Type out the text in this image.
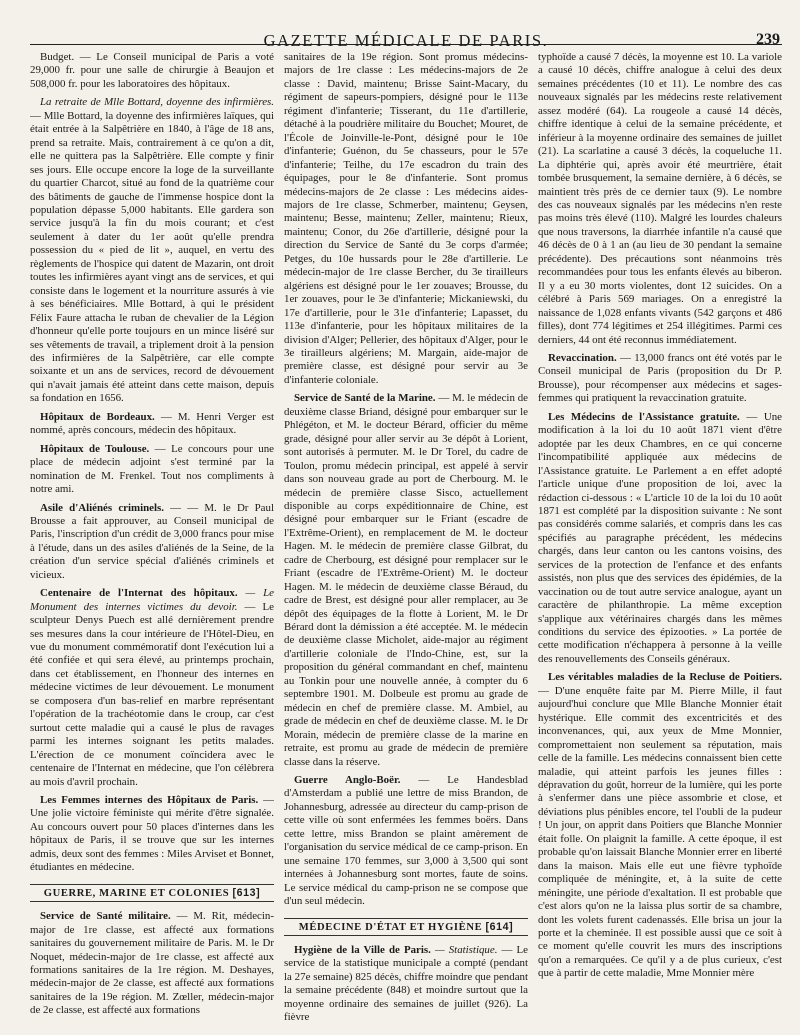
GAZETTE MÉDICALE DE PARIS.	239

Budget. — Le Conseil municipal de Paris a voté 29,000 fr. pour une salle de chirurgie à Beaujon et 508,000 fr. pour les laboratoires des hôpitaux.

La retraite de Mlle Bottard, doyenne des infirmières. — Mlle Bottard, la doyenne des infirmières laïques, qui était entrée à la Salpêtrière en 1840, à l'âge de 18 ans, prend sa retraite. Mais, contrairement à ce qu'on a dit, elle ne quittera pas la Salpêtrière. Elle compte y finir ses jours. Elle occupe encore la loge de la surveillante du quartier Charcot, situé au fond de la quatrième cour des bâtiments de gauche de l'immense hospice dont la population dépasse 5,000 habitants. Elle gardera son service jusqu'à la fin du mois courant; et c'est seulement à dater du 1er août qu'elle prendra possession du « pied de lit », auquel, en vertu des règlements de l'hospice qui datent de Mazarin, ont droit toutes les infirmières ayant vingt ans de services, et qui consiste dans le logement et la nourriture assurés à vie à ses bénéficiaires. Mlle Bottard, à qui le président Félix Faure attacha le ruban de chevalier de la Légion d'honneur qu'elle porte toujours en un mince liséré sur ses vêtements de travail, a triplement droit à la pension des infirmières de la Salpêtrière, car elle compte soixante et un ans de services, record de dévouement qui n'avait jamais été atteint dans cette maison, depuis sa fondation en 1656.

Hôpitaux de Bordeaux. — M. Henri Verger est nommé, après concours, médecin des hôpitaux.

Hôpitaux de Toulouse. — Le concours pour une place de médecin adjoint s'est terminé par la nomination de M. Frenkel. Tout nos compliments à notre ami.

Asile d'Aliénés criminels. — — M. le Dr Paul Brousse a fait approuver, au Conseil municipal de Paris, l'inscription d'un crédit de 3,000 francs pour mise à l'étude, dans un des asiles d'aliénés de la Seine, de la création d'un service spécial d'aliénés criminels et vicieux.

Centenaire de l'Internat des hôpitaux. — Le Monument des internes victimes du devoir. — Le sculpteur Denys Puech est allé dernièrement prendre ses mesures dans la cour intérieure de l'Hôtel-Dieu, en vue du monument commémoratif dont l'exécution lui a été confiée et qui sera élevé, au printemps prochain, dans cet établissement, en l'honneur des internes en médecine victimes de leur dévouement. Le monument se composera d'un bas-relief en marbre représentant l'opération de la trachéotomie dans le croup, car c'est surtout cette maladie qui a causé le plus de ravages parmi les internes soignant les petits malades. L'érection de ce monument coïncidera avec le centenaire de l'Internat en médecine, que l'on célèbrera au mois d'avril prochain.

Les Femmes internes des Hôpitaux de Paris. — Une jolie victoire féministe qui mérite d'être signalée. Au concours ouvert pour 50 places d'internes dans les hôpitaux de Paris, il se trouve que sur les internes admis, deux sont des femmes : Miles Arviset et Bonnet, étudiantes en médecine.

GUERRE, MARINE ET COLONIES [613]

Service de Santé militaire. — M. Rit, médecin-major de 1re classe, est affecté aux formations sanitaires du gouvernement militaire de Paris. M. le Dr Noquet, médecin-major de 1re classe, est affecté aux formations sanitaires de la 1re région. M. Deshayes, médecin-major de 2e classe, est affecté aux formations sanitaires de la 19e région. M. Zœller, médecin-major de 2e classe, est affecté aux formations

sanitaires de la 19e région. Sont promus médecins-majors de 1re classe : Les médecins-majors de 2e classe : David, maintenu; Brisse Saint-Macary, du régiment de sapeurs-pompiers, désigné pour le 113e régiment d'infanterie; Tisserant, du 11e d'artillerie, détaché à la poudrière militaire du Bouchet; Mouret, de l'École de Joinville-le-Pont, désigné pour le 10e d'infanterie; Guénon, du 5e chasseurs, pour le 57e d'infanterie; Teilhe, du 17e escadron du train des équipages, pour le 8e d'infanterie. Sont promus médecins-majors de 2e classe : Les médecins aides-majors de 1re classe, Schmerber, maintenu; Geysen, maintenu; Besse, maintenu; Zeller, maintenu; Rieux, maintenu; Conor, du 26e d'artillerie, désigné pour la direction du Service de Santé du 3e corps d'armée; Petges, du 10e hussards pour le 28e d'artillerie. Le médecin-major de 1re classe Bercher, du 3e tirailleurs algériens est désigné pour le 1er zouaves; Brousse, du 1er zouaves, pour le 3e d'infanterie; Mickaniewski, du 17e d'artillerie, pour le 31e d'infanterie; Lapasset, du 113e d'infanterie, pour les hôpitaux militaires de la division d'Alger; Pellerier, des hôpitaux d'Alger, pour le 3e tirailleurs algériens; M. Margain, aide-major de première classe, est désigné pour servir au 3e d'infanterie coloniale.

Service de Santé de la Marine. — M. le médecin de deuxième classe Briand, désigné pour embarquer sur le Phlégéton, et M. le docteur Bérard, officier du même grade, désigné pour aller servir au 3e dépôt à Lorient, sont autorisés à permuter. M. le Dr Torel, du cadre de Toulon, promu médecin principal, est appelé à servir dans son nouveau grade au port de Cherbourg. M. le médecin de première classe Sisco, actuellement disponible au corps expéditionnaire de Chine, est désigné pour embarquer sur le Friant (escadre de l'Extrême-Orient), en remplacement de M. le docteur Hagen. M. le médecin de première classe Gilbrat, du cadre de Cherbourg, est désigné pour remplacer sur le Friant (escadre de l'Extrême-Orient) M. le docteur Hagen. M. le médecin de deuxième classe Béraud, du cadre de Brest, est désigné pour aller remplacer, au 3e dépôt des équipages de la flotte à Lorient, M. le Dr Bérard dont la démission a été acceptée. M. le médecin de deuxième classe Micholet, aide-major au régiment d'artillerie coloniale de l'Indo-Chine, est, sur la proposition du général commandant en chef, maintenu au Tonkin pour une nouvelle année, à compter du 6 septembre 1901. M. Dolbeule est promu au grade de médecin en chef de première classe. M. Ambiel, au grade de médecin en chef de deuxième classe. M. le Dr Morain, médecin de première classe de la marine en retraite, est promu au grade de médecin de première classe dans la réserve.

Guerre Anglo-Boër. — Le Handesblad d'Amsterdam a publié une lettre de miss Brandon, de Johannesburg, adressée au directeur du camp-prison de cette ville où sont enfermées les femmes boërs. Dans cette lettre, miss Brandon se plaint amèrement de l'organisation du service médical de ce camp-prison. En une semaine 170 femmes, sur 3,000 à 3,500 qui sont internées à Johannesburg sont mortes, faute de soins. Le service médical du camp-prison ne se compose que d'un seul médecin.

MÉDECINE D'ÉTAT ET HYGIÈNE [614]

Hygiène de la Ville de Paris. — Statistique. — Le service de la statistique municipale a compté (pendant la 27e semaine) 825 décès, chiffre moindre que pendant la semaine précédente (848) et moindre surtout que la moyenne ordinaire des semaines de juillet (926). La fièvre

typhoïde a causé 7 décès, la moyenne est 10. La variole a causé 10 décès, chiffre analogue à celui des deux semaines précédentes (10 et 11). Le nombre des cas nouveaux signalés par les médecins reste relativement assez modéré (64). La rougeole a causé 14 décès, chiffre identique à celui de la semaine précédente, et inférieur à la moyenne ordinaire des semaines de juillet (21). La scarlatine a causé 3 décès, la coqueluche 11. La diphtérie qui, après avoir été meurtrière, était tombée brusquement, la semaine dernière, à 6 décès, se maintient très près de ce dernier taux (9). Le nombre des cas nouveaux signalés par les médecins n'en reste pas moins très élevé (110). Malgré les lourdes chaleurs que nous traversons, la diarrhée infantile n'a causé que 46 décès de 0 à 1 an (au lieu de 30 pendant la semaine précédente). Des précautions sont néanmoins très recommandées pour tous les enfants élevés au biberon. Il y a eu 30 morts violentes, dont 12 suicides. On a célébré à Paris 569 mariages. On a enregistré la naissance de 1,028 enfants vivants (542 garçons et 486 filles), dont 774 légitimes et 254 illégitimes. Parmi ces derniers, 44 ont été reconnus immédiatement.

Revaccination. — 13,000 francs ont été votés par le Conseil municipal de Paris (proposition du Dr P. Brousse), pour récompenser aux médecins et sages-femmes qui pratiquent la revaccination gratuite.

Les Médecins de l'Assistance gratuite. — Une modification à la loi du 10 août 1871 vient d'être adoptée par les deux Chambres, en ce qui concerne l'incompatibilité appliquée aux médecins de l'Assistance gratuite. Le Parlement a en effet adopté l'article unique d'une proposition de loi, avec la rédaction ci-dessous : « L'article 10 de la loi du 10 août 1871 est complété par la disposition suivante : Ne sont pas considérés comme salariés, et compris dans les cas spécifiés au paragraphe précédent, les médecins chargés, dans leur canton ou les cantons voisins, des services de la protection de l'enfance et des enfants assistés, non plus que des services des épidémies, de la vaccination ou de tout autre service analogue, ayant un caractère de philanthropie. La même exception s'applique aux vétérinaires chargés dans les mêmes conditions du service des épizooties. » La portée de cette modification n'échappera à personne à la veille des renouvellements des Conseils généraux.

Les véritables maladies de la Recluse de Poitiers. — D'une enquête faite par M. Pierre Mille, il faut aujourd'hui conclure que Mlle Blanche Monnier était hystérique. Elle commit des excentricités et des inconvenances, qui, aux yeux de Mme Monnier, compromettaient non seulement sa réputation, mais celle de la famille. Les médecins connaissent bien cette maladie, qui atteint parfois les jeunes filles : dépravation du goût, horreur de la lumière, qui les porte à s'enfermer dans une pièce assombrie et close, et déviations plus pénibles encore, tel l'oubli de la pudeur ! Un jour, on apprit dans Poitiers que Blanche Monnier était folle. On plaignit la famille. A cette époque, il est probable qu'on laissait Blanche Monnier errer en liberté dans la maison. Mais elle eut une fièvre typhoïde compliquée de méningite, et, à la suite de cette méningite, une période d'exaltation. Il est probable que c'est alors qu'on ne la laissa plus sortir de sa chambre, dont les volets furent cadenassés. Elle brisa un jour la porte et la cheminée. Il est possible aussi que ce soit à ce moment qu'elle couvrit les murs des inscriptions qu'on a remarquées. Ce qu'il y a de plus curieux, c'est que à partir de cette maladie, Mme Monnier mère
